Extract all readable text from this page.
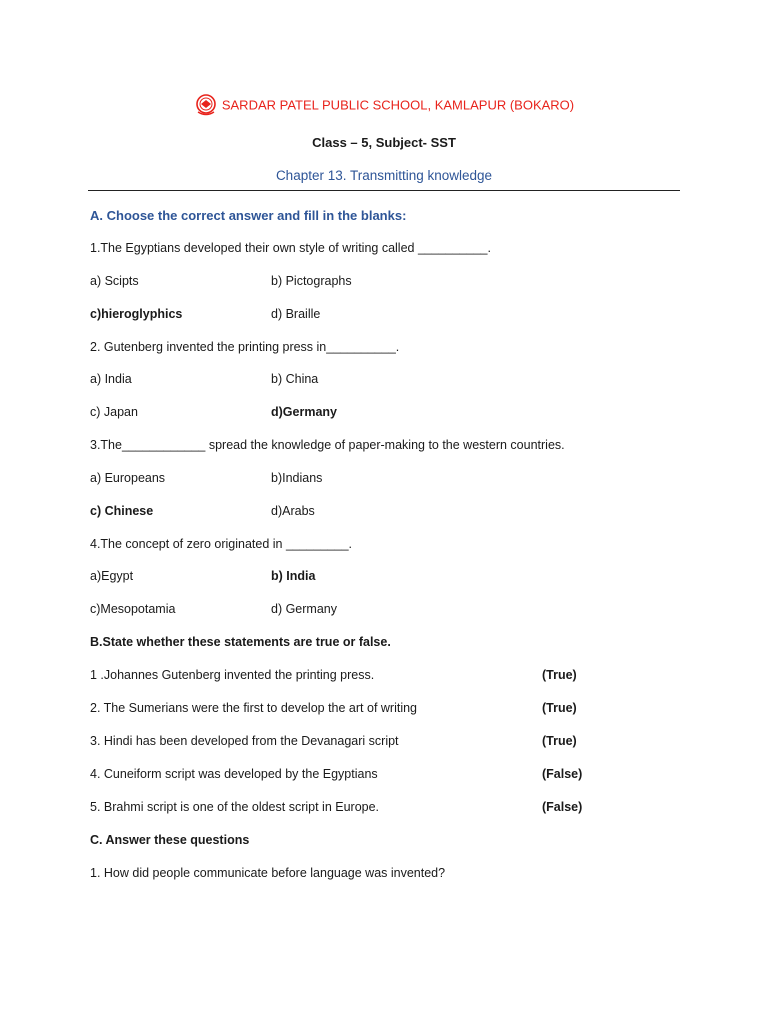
SARDAR PATEL PUBLIC SCHOOL, KAMLAPUR (BOKARO)
Class – 5, Subject- SST
Chapter 13. Transmitting knowledge
A. Choose the correct answer and fill in the blanks:
1.The Egyptians developed their own style of writing called __________.
a) Scipts	b) Pictographs
c)hieroglyphics	d) Braille
2. Gutenberg invented the printing press in__________.
a) India	b) China
c) Japan	d)Germany
3.The____________ spread the knowledge of paper-making to the western countries.
a) Europeans	b)Indians
c) Chinese	d)Arabs
4.The concept of zero originated in _________.
a)Egypt	b) India
c)Mesopotamia	d) Germany
B.State whether these statements are true or false.
1 .Johannes Gutenberg invented the printing press.	(True)
2. The Sumerians were the first to develop the art of writing	(True)
3. Hindi has been developed from the Devanagari script	(True)
4. Cuneiform script was developed by the Egyptians	(False)
5. Brahmi script is one of the oldest script in Europe.	(False)
C. Answer these questions
1. How did people communicate before language was invented?
